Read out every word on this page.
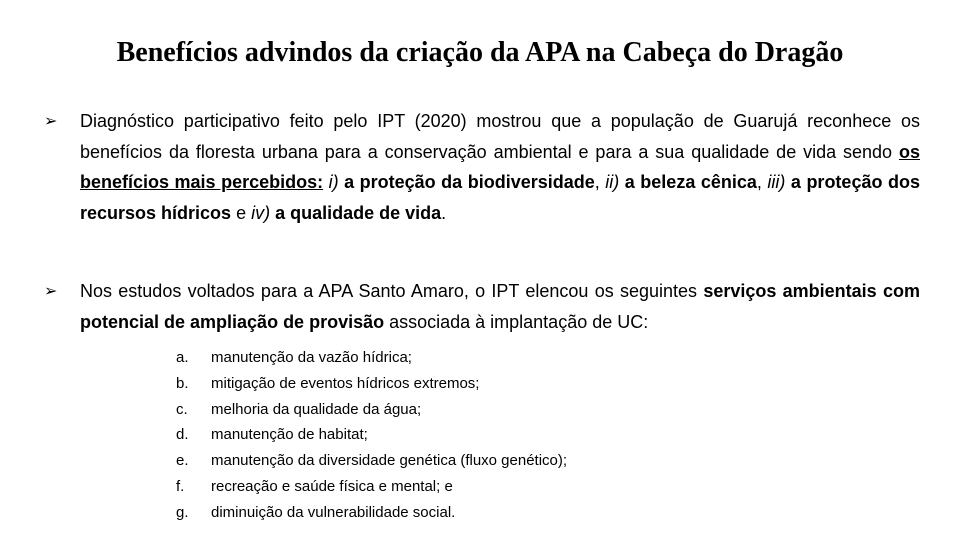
Benefícios advindos da criação da APA na Cabeça do Dragão
➢	Diagnóstico participativo feito pelo IPT (2020) mostrou que a população de Guarujá reconhece os benefícios da floresta urbana para a conservação ambiental e para a sua qualidade de vida sendo os benefícios mais percebidos: i) a proteção da biodiversidade, ii) a beleza cênica, iii) a proteção dos recursos hídricos e iv) a qualidade de vida.
➢	Nos estudos voltados para a APA Santo Amaro, o IPT elencou os seguintes serviços ambientais com potencial de ampliação de provisão associada à implantação de UC:
a.	manutenção da vazão hídrica;
b.	mitigação de eventos hídricos extremos;
c.	melhoria da qualidade da água;
d.	manutenção de habitat;
e.	manutenção da diversidade genética (fluxo genético);
f.	recreação e saúde física e mental; e
g.	diminuição da vulnerabilidade social.
